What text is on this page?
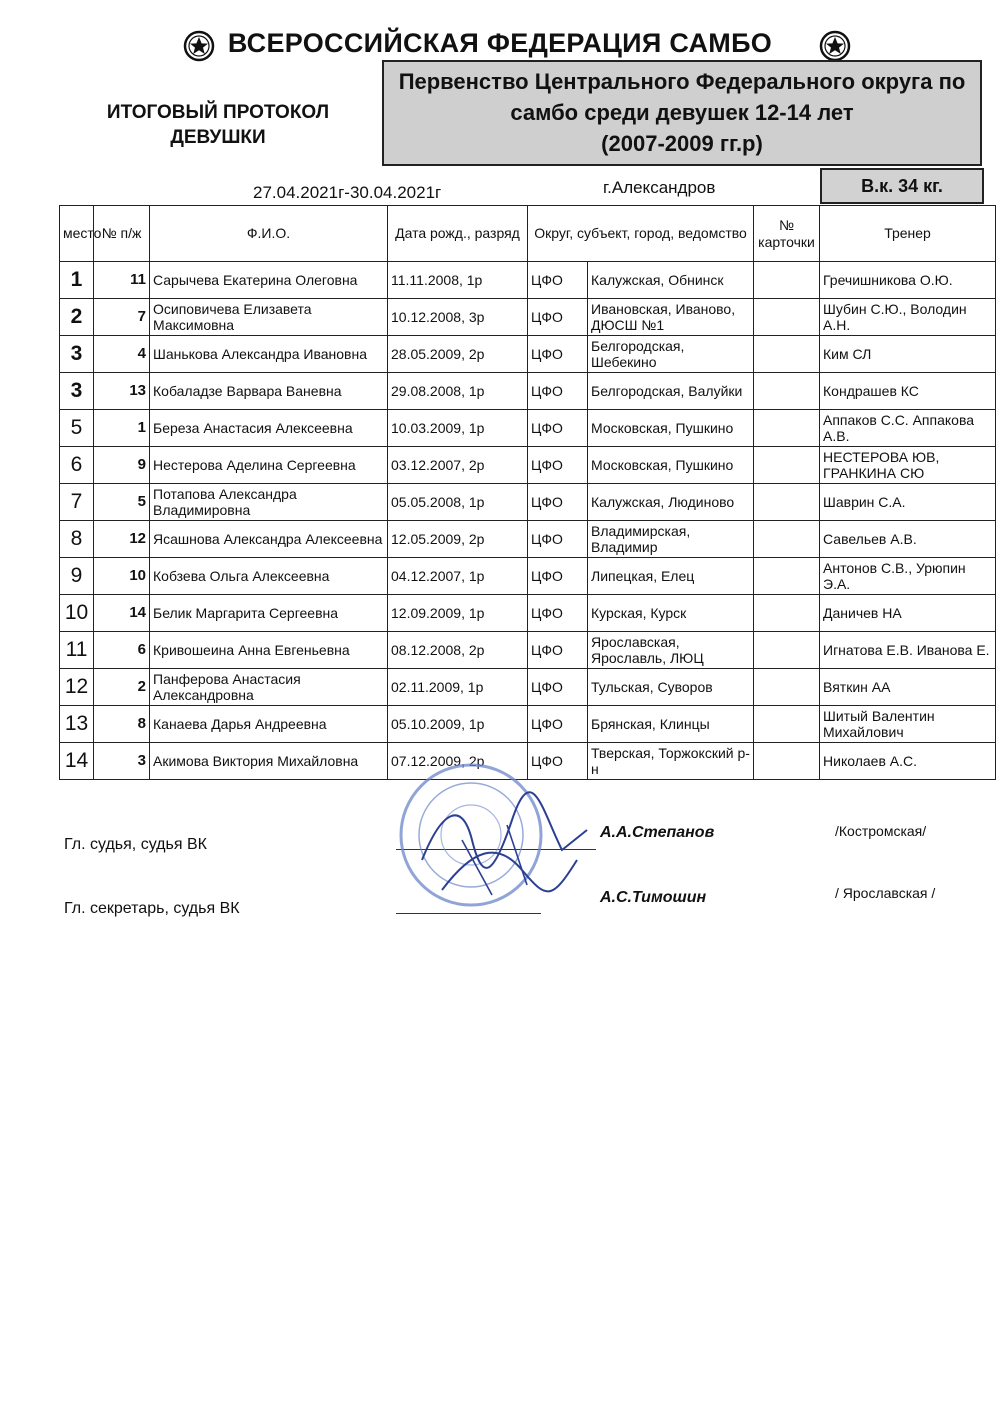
ВСЕРОССИЙСКАЯ ФЕДЕРАЦИЯ САМБО
ИТОГОВЫЙ ПРОТОКОЛ
ДЕВУШКИ
Первенство Центрального Федерального округа по
самбо среди девушек 12-14 лет
(2007-2009 гг.р)
27.04.2021г-30.04.2021г	г.Александров	В.к. 34 кг.
место	№ п/ж	Ф.И.О.	Дата рожд., разряд	Округ, субъект, город, ведомство		№ карточки	Тренер
1	11	Сарычева Екатерина Олеговна	11.11.2008, 1р	ЦФО	Калужская, Обнинск		Гречишникова О.Ю.
2	7	Осиповичева Елизавета Максимовна	10.12.2008, 3р	ЦФО	Ивановская, Иваново, ДЮСШ №1		Шубин С.Ю., Володин А.Н.
3	4	Шанькова Александра Ивановна	28.05.2009, 2р	ЦФО	Белгородская, Шебекино		Ким СЛ
3	13	Кобаладзе Варвара Ваневна	29.08.2008, 1р	ЦФО	Белгородская, Валуйки		Кондрашев КС
5	1	Береза Анастасия Алексеевна	10.03.2009, 1р	ЦФО	Московская, Пушкино		Аппаков С.С. Аппакова А.В.
6	9	Нестерова Аделина Сергеевна	03.12.2007, 2р	ЦФО	Московская, Пушкино		НЕСТЕРОВА ЮВ, ГРАНКИНА СЮ
7	5	Потапова Александра Владимировна	05.05.2008, 1р	ЦФО	Калужская, Людиново		Шаврин С.А.
8	12	Ясашнова Александра Алексеевна	12.05.2009, 2р	ЦФО	Владимирская, Владимир		Савельев А.В.
9	10	Кобзева Ольга Алексеевна	04.12.2007, 1р	ЦФО	Липецкая, Елец		Антонов С.В., Урюпин Э.А.
10	14	Белик Маргарита Сергеевна	12.09.2009, 1р	ЦФО	Курская, Курск		Даничев НА
11	6	Кривошеина Анна Евгеньевна	08.12.2008, 2р	ЦФО	Ярославская, Ярославль, ЛЮЦ		Игнатова Е.В. Иванова Е.
12	2	Панферова Анастасия Александровна	02.11.2009, 1р	ЦФО	Тульская, Суворов		Вяткин АА
13	8	Канаева Дарья Андреевна	05.10.2009, 1р	ЦФО	Брянская, Клинцы		Шитый Валентин Михайлович
14	3	Акимова Виктория Михайловна	07.12.2009, 2р	ЦФО	Тверская, Торжокский р-н		Николаев А.С.
Гл. судья, судья ВК
А.А.Степанов	/Костромская/
Гл. секретарь, судья ВК
А.С.Тимошин	/ Ярославская /
